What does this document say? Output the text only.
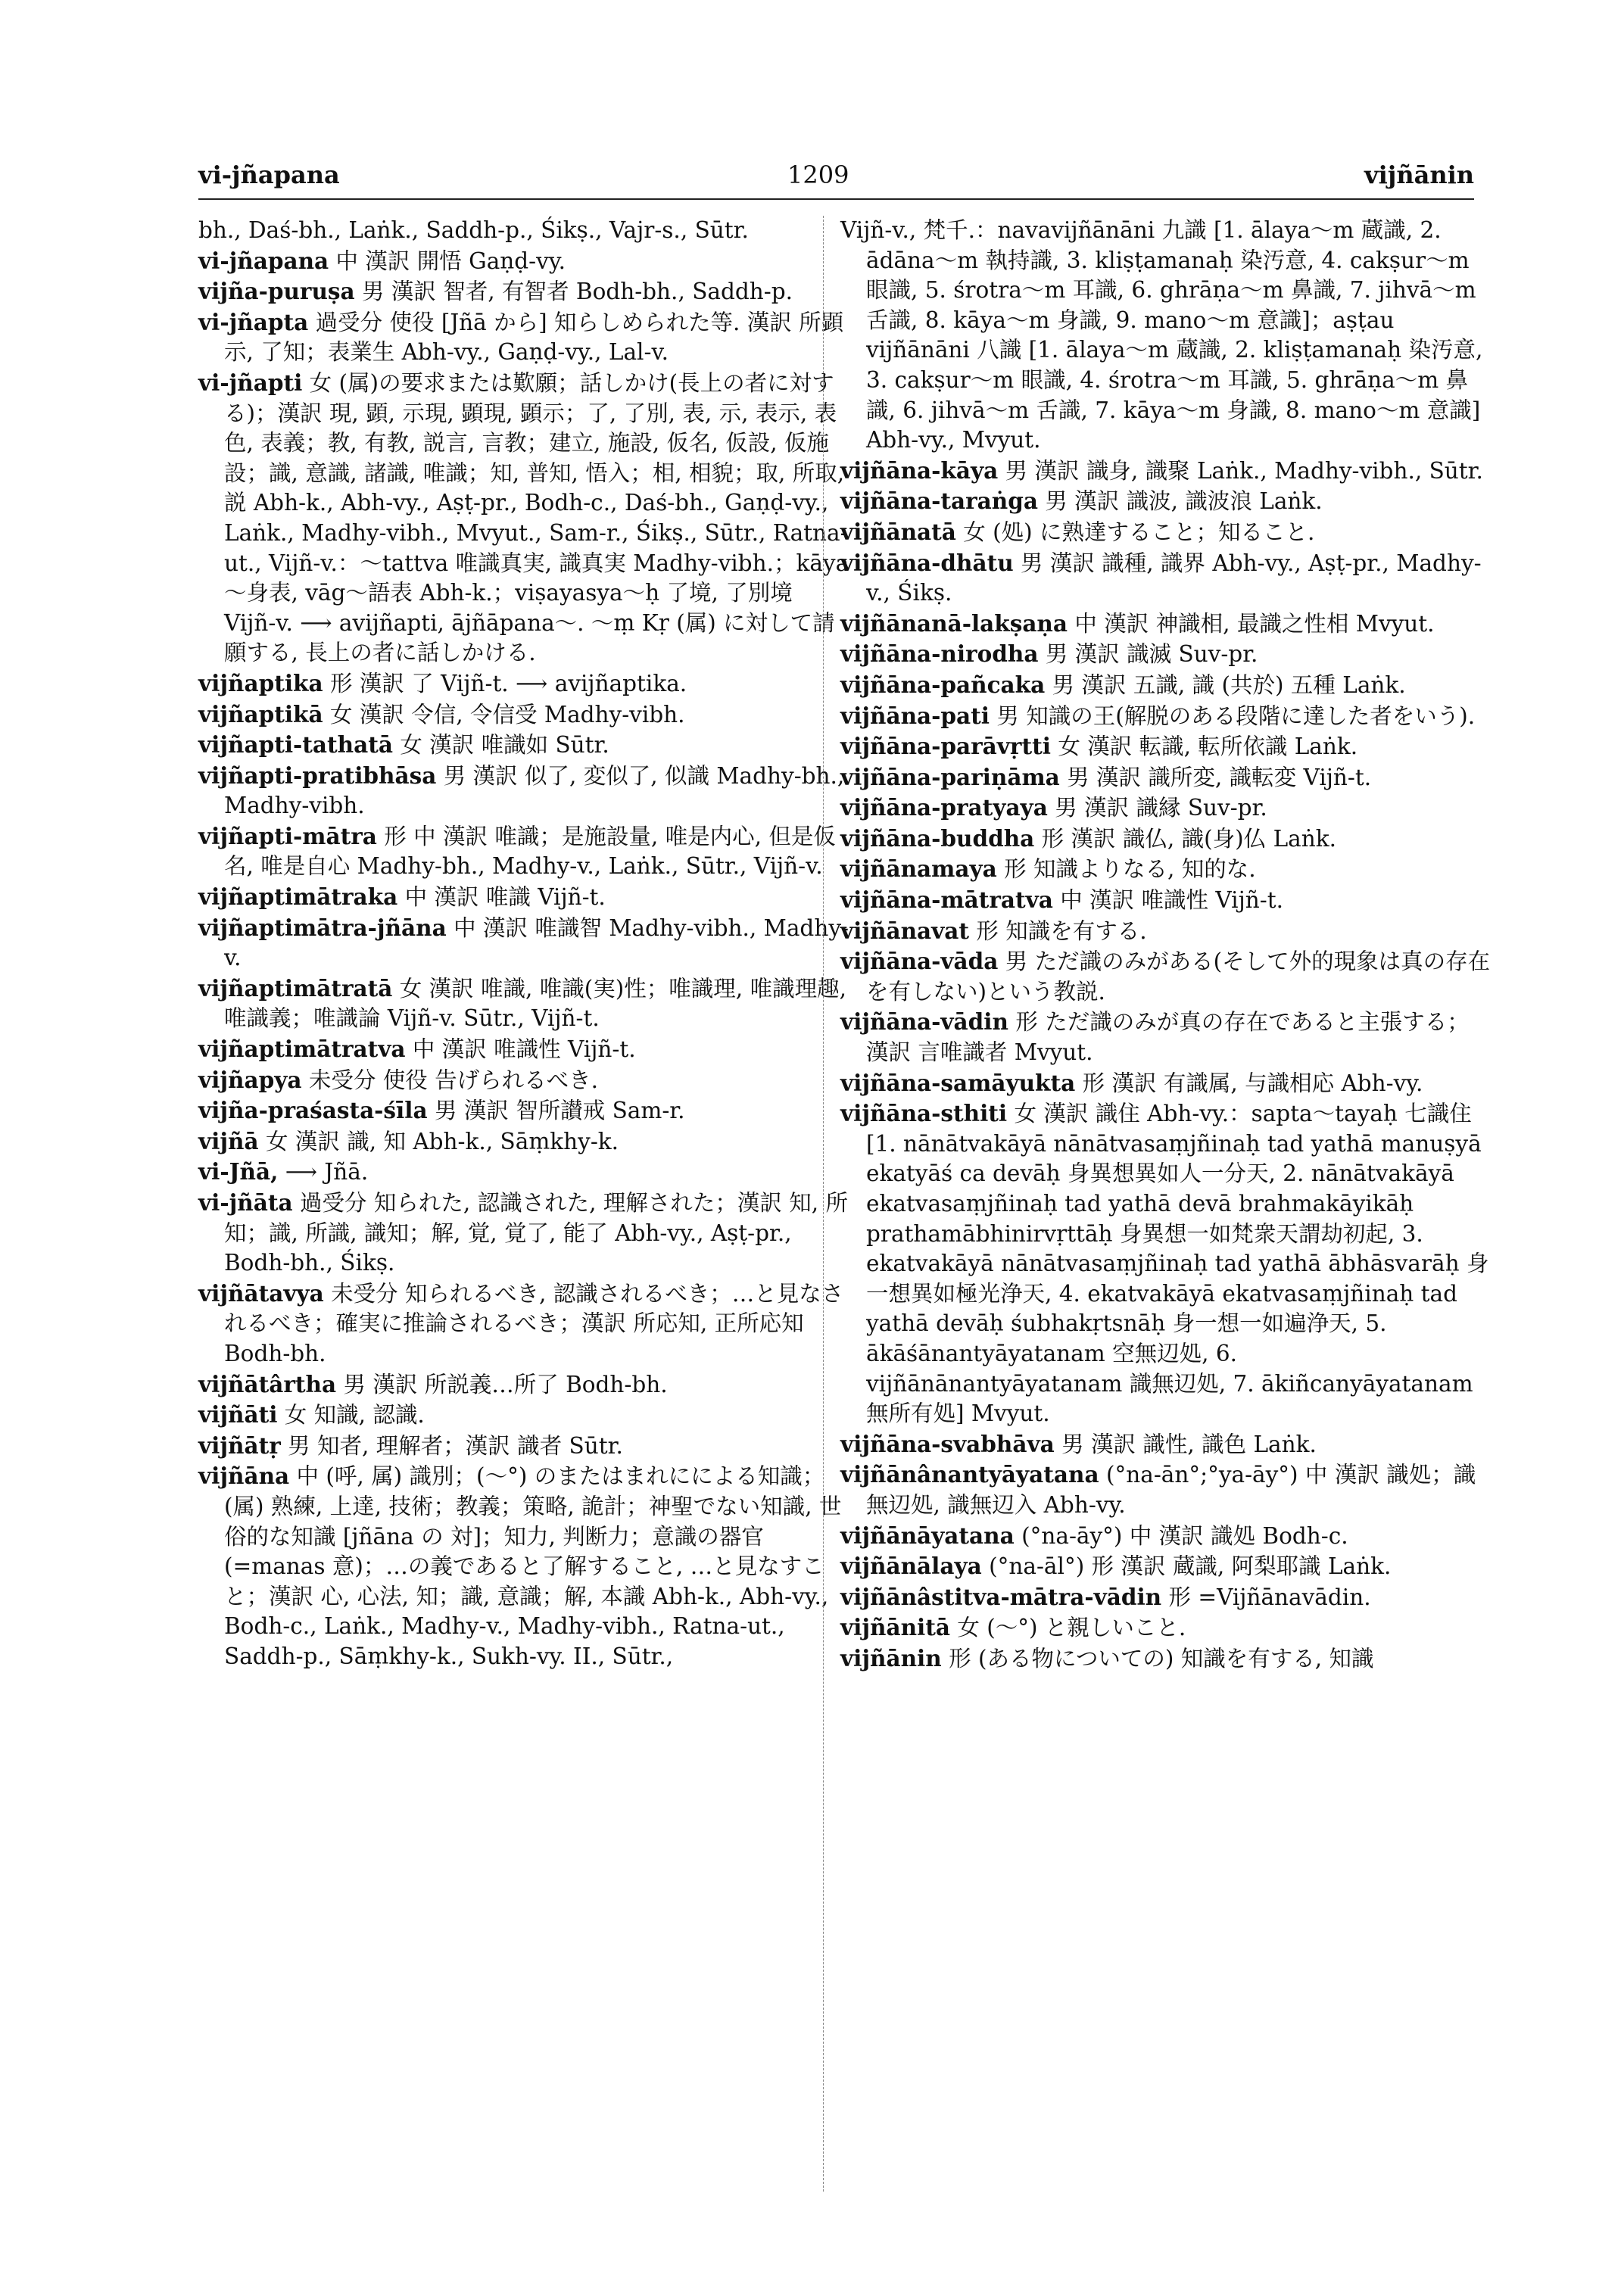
vi-jñapana	1209	vijñānin
bh., Daś-bh., Laṅk., Saddh-p., Śikṣ., Vajr-s., Sūtr.
vi-jñapana 中 漢訳 開悟 Gaṇḍ-vy.
vijña-puruṣa 男 漢訳 智者, 有智者 Bodh-bh., Saddh-p.
vi-jñapta 過受分 使役 [Jñā から] 知らしめられた等. 漢訳 所顕示, 了知；表業生 Abh-vy., Gaṇḍ-vy., Lal-v.
vi-jñapti 女 (属)の要求または歎願；話しかけ(長上の者に対する)；漢訳 現, 顕, 示現, 顕現, 顕示；了, 了別, 表, 示, 表示, 表色, 表義；教, 有教, 説言, 言教；建立, 施設, 仮名, 仮設, 仮施設；識, 意識, 諸識, 唯識；知, 普知, 悟入；相, 相貌；取, 所取, 説 Abh-k., Abh-vy., Aṣṭ-pr., Bodh-c., Daś-bh., Gaṇḍ-vy., Laṅk., Madhy-vibh., Mvyut., Sam-r., Śikṣ., Sūtr., Ratna-ut., Vijñ-v.：～tattva 唯識真実, 識真実 Madhy-vibh.；kāya～身表, vāg～語表 Abh-k.；viṣayasya～ḥ 了境, 了別境 Vijñ-v. ⟶ avijñapti, ājñāpana～. ～ṃ Kṛ (属) に対して請願する, 長上の者に話しかける.
vijñaptika 形 漢訳 了 Vijñ-t. ⟶ avijñaptika.
vijñaptikā 女 漢訳 令信, 令信受 Madhy-vibh.
vijñapti-tathatā 女 漢訳 唯識如 Sūtr.
vijñapti-pratibhāsa 男 漢訳 似了, 変似了, 似識 Madhy-bh., Madhy-vibh.
vijñapti-mātra 形 中 漢訳 唯識；是施設量, 唯是内心, 但是仮名, 唯是自心 Madhy-bh., Madhy-v., Laṅk., Sūtr., Vijñ-v.
vijñaptimātraka 中 漢訳 唯識 Vijñ-t.
vijñaptimātra-jñāna 中 漢訳 唯識智 Madhy-vibh., Madhy-v.
vijñaptimātratā 女 漢訳 唯識, 唯識(実)性；唯識理, 唯識理趣, 唯識義；唯識論 Vijñ-v. Sūtr., Vijñ-t.
vijñaptimātratva 中 漢訳 唯識性 Vijñ-t.
vijñapya 未受分 使役 告げられるべき.
vijña-praśasta-śīla 男 漢訳 智所讃戒 Sam-r.
vijñā 女 漢訳 識, 知 Abh-k., Sāṃkhy-k.
vi-Jñā, ⟶ Jñā.
vi-jñāta 過受分 知られた, 認識された, 理解された；漢訳 知, 所知；識, 所識, 識知；解, 覚, 覚了, 能了 Abh-vy., Aṣṭ-pr., Bodh-bh., Śikṣ.
vijñātavya 未受分 知られるべき, 認識されるべき；…と見なされるべき；確実に推論されるべき；漢訳 所応知, 正所応知 Bodh-bh.
vijñātârtha 男 漢訳 所説義…所了 Bodh-bh.
vijñāti 女 知識, 認識.
vijñātṛ 男 知者, 理解者；漢訳 識者 Sūtr.
vijñāna 中 (呼, 属) 識別；(～°) のまたはまれにによる知識；(属) 熟練, 上達, 技術；教義；策略, 詭計；神聖でない知識, 世俗的な知識 [jñāna の 対]；知力, 判断力；意識の器官 (=manas 意)；…の義であると了解すること, …と見なすこと；漢訳 心, 心法, 知；識, 意識；解, 本識 Abh-k., Abh-vy., Bodh-c., Laṅk., Madhy-v., Madhy-vibh., Ratna-ut., Saddh-p., Sāṃkhy-k., Sukh-vy. II., Sūtr.,
Vijñ-v., 梵千.：navavijñānāni 九識 [1. ālaya～m 蔵識, 2. ādāna～m 執持識, 3. kliṣṭamanaḥ 染汚意, 4. cakṣur～m 眼識, 5. śrotra～m 耳識, 6. ghrāṇa～m 鼻識, 7. jihvā～m 舌識, 8. kāya～m 身識, 9. mano～m 意識]；aṣṭau vijñānāni 八識 [1. ālaya～m 蔵識, 2. kliṣṭamanaḥ 染汚意, 3. cakṣur～m 眼識, 4. śrotra～m 耳識, 5. ghrāṇa～m 鼻識, 6. jihvā～m 舌識, 7. kāya～m 身識, 8. mano～m 意識] Abh-vy., Mvyut.
vijñāna-kāya 男 漢訳 識身, 識聚 Laṅk., Madhy-vibh., Sūtr.
vijñāna-taraṅga 男 漢訳 識波, 識波浪 Laṅk.
vijñānatā 女 (処) に熟達すること；知ること.
vijñāna-dhātu 男 漢訳 識種, 識界 Abh-vy., Aṣṭ-pr., Madhy-v., Śikṣ.
vijñānanā-lakṣaṇa 中 漢訳 神識相, 最識之性相 Mvyut.
vijñāna-nirodha 男 漢訳 識滅 Suv-pr.
vijñāna-pañcaka 男 漢訳 五識, 識 (共於) 五種 Laṅk.
vijñāna-pati 男 知識の王(解脱のある段階に達した者をいう).
vijñāna-parāvṛtti 女 漢訳 転識, 転所依識 Laṅk.
vijñāna-pariṇāma 男 漢訳 識所変, 識転変 Vijñ-t.
vijñāna-pratyaya 男 漢訳 識縁 Suv-pr.
vijñāna-buddha 形 漢訳 識仏, 識(身)仏 Laṅk.
vijñānamaya 形 知識よりなる, 知的な.
vijñāna-mātratva 中 漢訳 唯識性 Vijñ-t.
vijñānavat 形 知識を有する.
vijñāna-vāda 男 ただ識のみがある(そして外的現象は真の存在を有しない)という教説.
vijñāna-vādin 形 ただ識のみが真の存在であると主張する；漢訳 言唯識者 Mvyut.
vijñāna-samāyukta 形 漢訳 有識属, 与識相応 Abh-vy.
vijñāna-sthiti 女 漢訳 識住 Abh-vy.：sapta～tayaḥ 七識住 [1. nānātvakāyā nānātvasaṃjñinaḥ tad yathā manuṣyā ekatyāś ca devāḥ 身異想異如人一分天, 2. nānātvakāyā ekatvasaṃjñinaḥ tad yathā devā brahmakāyikāḥ prathamābhinirvṛttāḥ 身異想一如梵衆天謂劫初起, 3. ekatvakāyā nānātvasaṃjñinaḥ tad yathā ābhāsvarāḥ 身一想異如極光浄天, 4. ekatvakāyā ekatvasaṃjñinaḥ tad yathā devāḥ śubhakṛtsnāḥ 身一想一如遍浄天, 5. ākāśānantyāyatanam 空無辺処, 6. vijñānānantyāyatanam 識無辺処, 7. ākiñcanyāyatanam 無所有処] Mvyut.
vijñāna-svabhāva 男 漢訳 識性, 識色 Laṅk.
vijñānânantyāyatana (°na-ān°;°ya-āy°) 中 漢訳 識処；識無辺処, 識無辺入 Abh-vy.
vijñānāyatana (°na-āy°) 中 漢訳 識処 Bodh-c.
vijñānālaya (°na-āl°) 形 漢訳 蔵識, 阿梨耶識 Laṅk.
vijñānâstitva-mātra-vādin 形 =Vijñānavādin.
vijñānitā 女 (～°) と親しいこと.
vijñānin 形 (ある物についての) 知識を有する, 知識
